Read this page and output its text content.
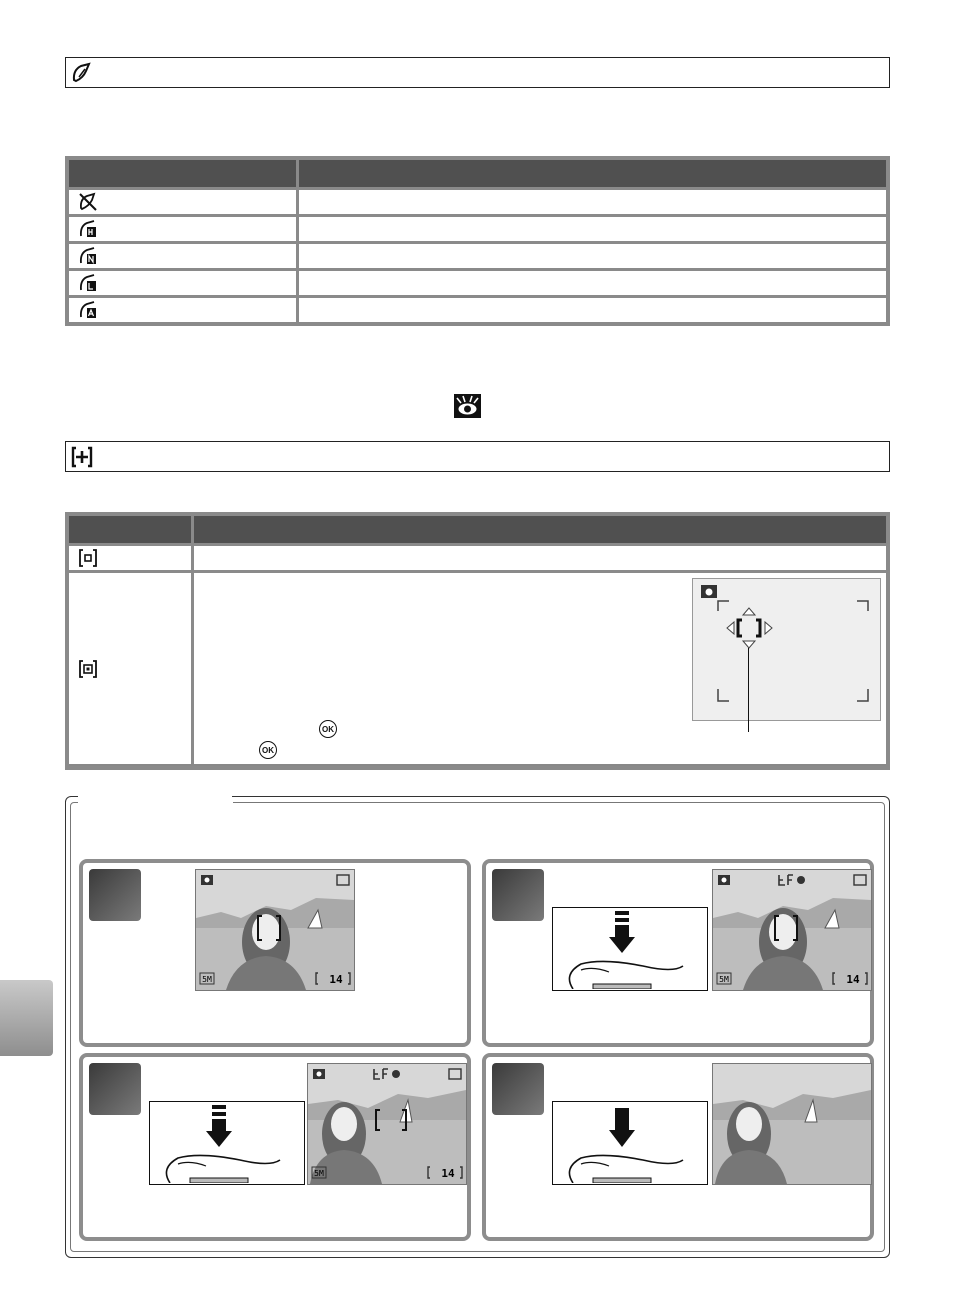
OK
OK
5M	14	5M	14
5M	14
